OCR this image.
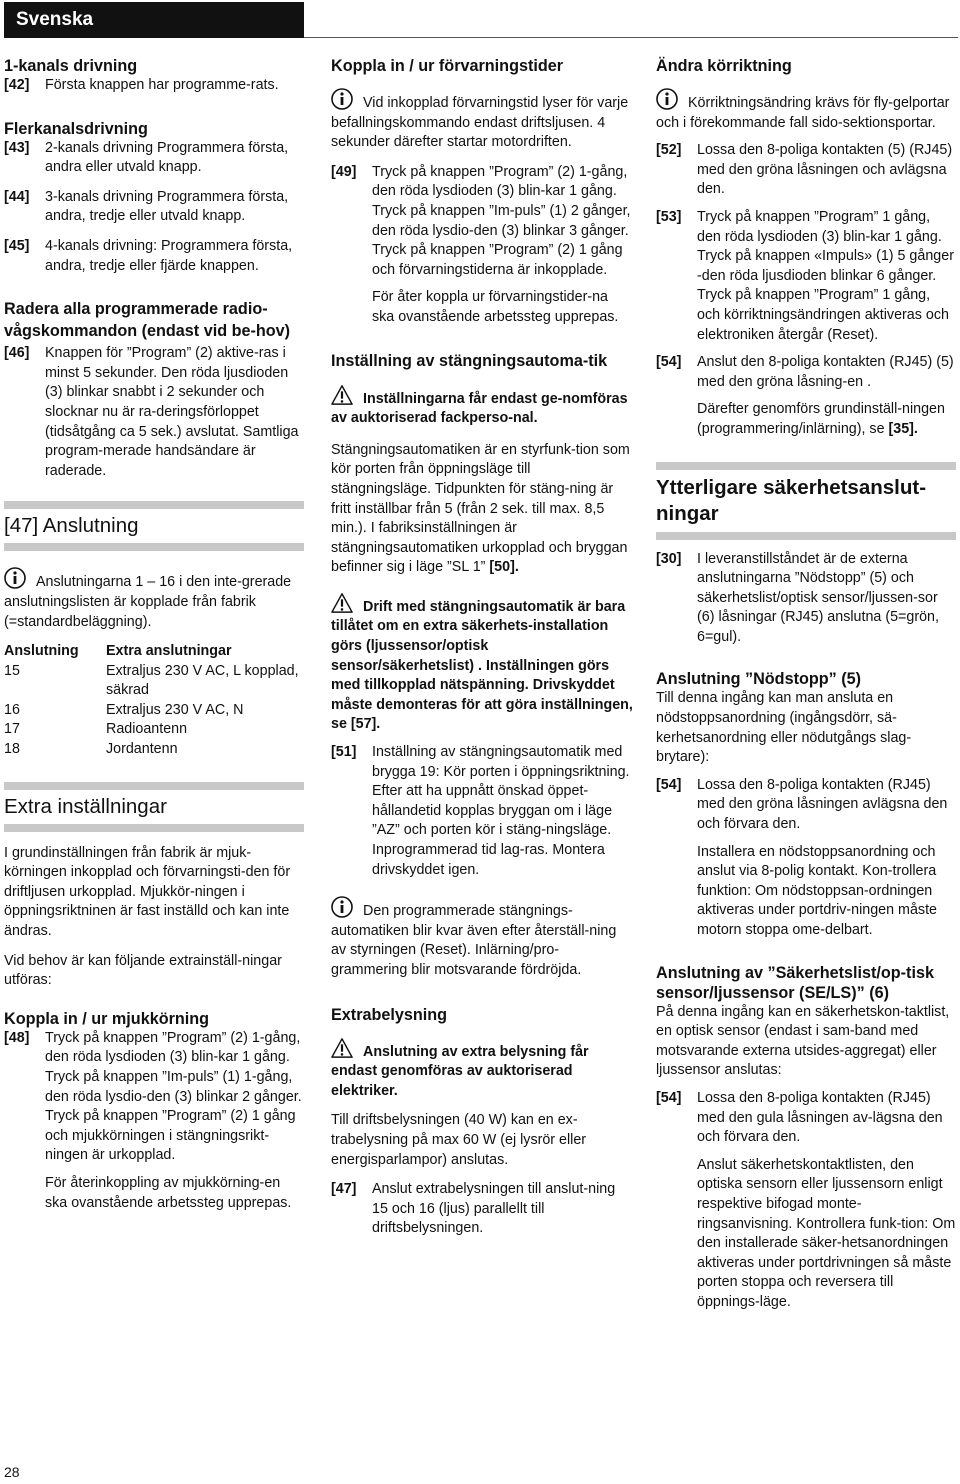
Svenska

1-kanals drivning

[42]	Första knappen har programme-rats.

Flerkanalsdrivning

[43]	2-kanals drivning Programmera första, andra eller utvald knapp.
[44]	3-kanals drivning Programmera första, andra, tredje eller utvald knapp.
[45]	4-kanals drivning: Programmera första, andra, tredje eller fjärde knappen.

Radera alla programmerade radio-vågskommandon (endast vid be-hov)

[46]	Knappen för ”Program” (2) aktive-ras i minst 5 sekunder. Den röda ljusdioden (3) blinkar snabbt i 2 sekunder och slocknar nu är ra-deringsförloppet (tidsåtgång ca 5 sek.) avslutat. Samtliga program-merade handsändare är raderade.
[47] Anslutning

Anslutningarna 1 – 16 i den inte-grerade anslutningslisten är kopplade från fabrik (=standardbeläggning).

Anslutning	Extra anslutningar
15	Extraljus 230 V AC, L kopplad, säkrad
16	Extraljus 230 V AC, N
17	Radioantenn
18	Jordantenn
Extra inställningar

I grundinställningen från fabrik är mjuk-körningen inkopplad och förvarningsti-den för driftljusen urkopplad. Mjukkör-ningen i öppningsriktninen är fast inställd och kan inte ändras.

Vid behov är kan följande extrainställ-ningar utföras:

Koppla in / ur mjukkörning

[48]	Tryck på knappen ”Program” (2) 1-gång, den röda lysdioden (3) blin-kar 1 gång. Tryck på knappen ”Im-puls” (1) 1-gång, den röda lysdio-den (3) blinkar 2 gånger. Tryck på knappen ”Program” (2) 1 gång och mjukkörningen i stängningsrikt-ningen är urkopplad.

För återinkoppling av mjukkörning-en ska ovanstående arbetssteg upprepas.

Koppla in / ur förvarningstider

Vid inkopplad förvarningstid lyser för varje befallningskommando endast driftsljusen. 4 sekunder därefter startar motordriften.

[49]	Tryck på knappen ”Program” (2) 1-gång, den röda lysdioden (3) blin-kar 1 gång. Tryck på knappen ”Im-puls” (1) 2 gånger, den röda lysdio-den (3) blinkar 3 gånger. Tryck på knappen ”Program” (2) 1 gång och förvarningstiderna är inkopplade.

För åter koppla ur förvarningstider-na ska ovanstående arbetssteg upprepas.

Inställning av stängningsautoma-tik

Inställningarna får endast ge-nomföras av auktoriserad fackperso-nal.

Stängningsautomatiken är en styrfunk-tion som kör porten från öppningsläge till stängningsläge. Tidpunkten för stäng-ning är fritt inställbar från 5 (från 2 sek. till max. 8,5 min.). I fabriksinställningen är stängningsautomatiken urkopplad och bryggan befinner sig i läge ”SL 1” [50].

Drift med stängningsautomatik är bara tillåtet om en extra säkerhets-installation görs (ljussensor/optisk sensor/säkerhetslist) . Inställningen görs med tillkopplad nätspänning. Drivskyddet måste demonteras för att göra inställningen, se [57].

[51]	Inställning av stängningsautomatik med brygga 19: Kör porten i öppningsriktning. Efter att ha uppnått önskad öppet-hållandetid kopplas bryggan om i läge ”AZ” och porten kör i stäng-ningsläge. Inprogrammerad tid lag-ras. Montera drivskyddet igen.

Den programmerade stängnings-automatiken blir kvar även efter återställ-ning av styrningen (Reset). Inlärning/pro-grammering blir motsvarande fördröjda.

Extrabelysning

Anslutning av extra belysning får endast genomföras av auktoriserad elektriker.

Till driftsbelysningen (40 W) kan en ex-trabelysning på max 60 W (ej lysrör eller energisparlampor) anslutas.

[47]	Anslut extrabelysningen till anslut-ning 15 och 16 (ljus) parallellt till driftsbelysningen.

Ändra körriktning

Körriktningsändring krävs för fly-gelportar och i förekommande fall sido-sektionsportar.

[52]	Lossa den 8-poliga kontakten (5) (RJ45) med den gröna låsningen och avlägsna den.
[53]	Tryck på knappen ”Program” 1 gång, den röda lysdioden (3) blin-kar 1 gång. Tryck på knappen «Impuls» (1) 5 gånger -den röda ljusdioden blinkar 6 gånger. Tryck på knappen ”Program” 1 gång, och körriktningsändringen aktiveras och elektroniken återgår (Reset).
[54]	Anslut den 8-poliga kontakten (RJ45) (5) med den gröna låsning-en .

Därefter genomförs grundinställ-ningen (programmering/inlärning), se [35].

Ytterligare säkerhetsanslut-ningar
[30]	I leveranstillståndet är de externa anslutningarna ”Nödstopp” (5) och säkerhetslist/optisk sensor/ljussen-sor (6) låsningar (RJ45) anslutna (5=grön, 6=gul).

Anslutning ”Nödstopp” (5)

Till denna ingång kan man ansluta en nödstoppsanordning (ingångsdörr, sä-kerhetsanordning eller nödutgångs slag-brytare):

[54]	Lossa den 8-poliga kontakten (RJ45) med den gröna låsningen avlägsna den och förvara den.

Installera en nödstoppsanordning och anslut via 8-polig kontakt. Kon-trollera funktion: Om nödstoppsan-ordningen aktiveras under portdriv-ningen måste motorn stoppa ome-delbart.

Anslutning av ”Säkerhetslist/op-tisk sensor/ljussensor (SE/LS)” (6)

På denna ingång kan en säkerhetskon-taktlist, en optisk sensor (endast i sam-band med motsvarande externa utsides-aggregat) eller ljussensor anslutas:

[54]	Lossa den 8-poliga kontakten (RJ45) med den gula låsningen av-lägsna den och förvara den.

Anslut säkerhetskontaktlisten, den optiska sensorn eller ljussensorn enligt respektive bifogad monte-ringsanvisning. Kontrollera funk-tion: Om den installerade säker-hetsanordningen aktiveras under portdrivningen så måste porten stoppa och reversera till öppnings-läge.

28
